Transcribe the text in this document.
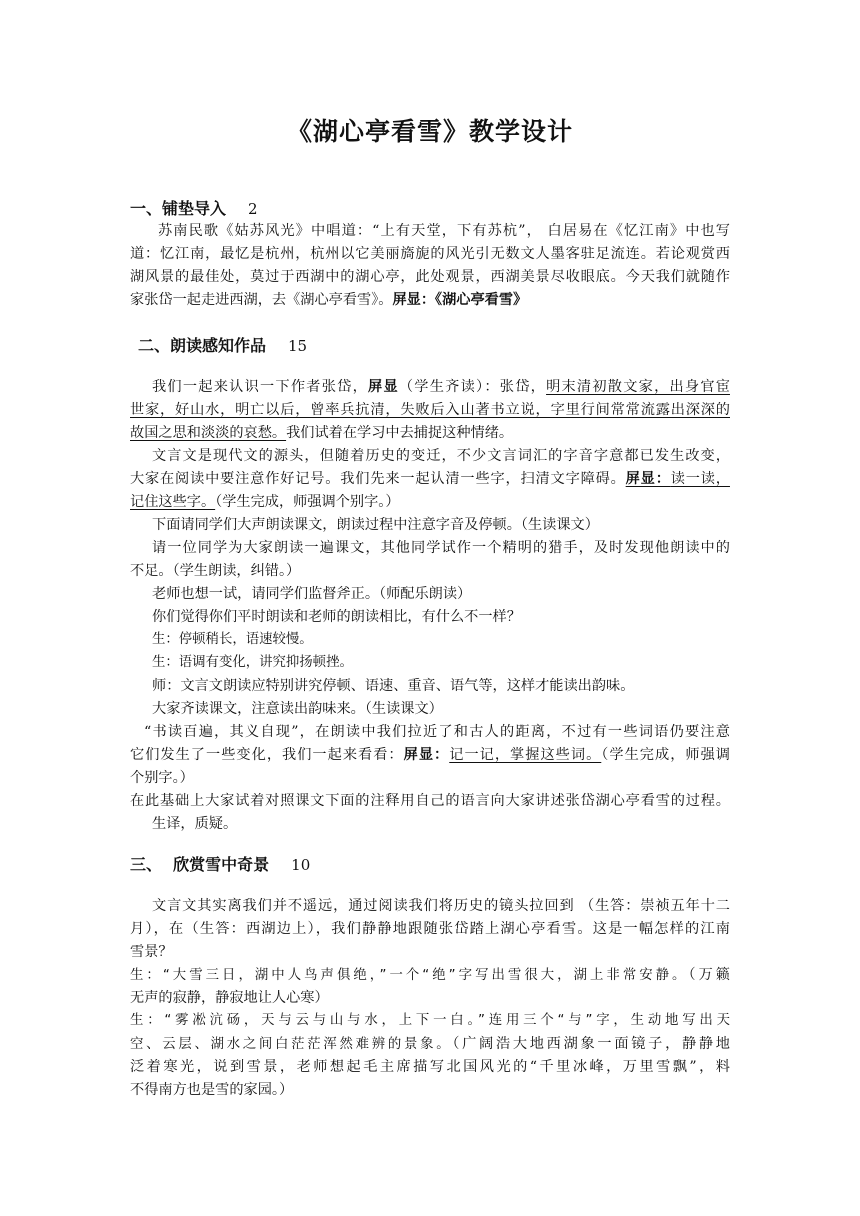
《湖心亭看雪》教学设计
一、铺垫导入 2
苏南民歌《姑苏风光》中唱道：“上有天堂，下有苏杭”， 白居易在《忆江南》中也写
道：忆江南，最忆是杭州，杭州以它美丽旖旎的风光引无数文人墨客驻足流连。若论观赏西
湖风景的最佳处，莫过于西湖中的湖心亭，此处观景，西湖美景尽收眼底。今天我们就随作
家张岱一起走进西湖，去《湖心亭看雪》。屏显：《湖心亭看雪》
二、朗读感知作品 15
我们一起来认识一下作者张岱，屏显（学生齐读）：张岱，明末清初散文家，出身官宦
世家，好山水，明亡以后，曾率兵抗清，失败后入山著书立说，字里行间常常流露出深深的
故国之思和淡淡的哀愁。我们试着在学习中去捕捉这种情绪。
文言文是现代文的源头，但随着历史的变迁，不少文言词汇的字音字意都已发生改变，
大家在阅读中要注意作好记号。我们先来一起认清一些字，扫清文字障碍。屏显：读一读，
记住这些字。（学生完成，师强调个别字。）
下面请同学们大声朗读课文，朗读过程中注意字音及停顿。（生读课文）
请一位同学为大家朗读一遍课文，其他同学试作一个精明的猎手，及时发现他朗读中的
不足。（学生朗读，纠错。）
老师也想一试，请同学们监督斧正。（师配乐朗读）
你们觉得你们平时朗读和老师的朗读相比，有什么不一样？
生：停顿稍长，语速较慢。
生：语调有变化，讲究抑扬顿挫。
师：文言文朗读应特别讲究停顿、语速、重音、语气等，这样才能读出韵味。
大家齐读课文，注意读出韵味来。（生读课文）
“书读百遍，其义自现”，在朗读中我们拉近了和古人的距离，不过有一些词语仍要注意
它们发生了一些变化，我们一起来看看：屏显：记一记，掌握这些词。（学生完成，师强调
个别字。）
在此基础上大家试着对照课文下面的注释用自己的语言向大家讲述张岱湖心亭看雪的过程。
生译，质疑。
三、  欣赏雪中奇景 10
文言文其实离我们并不遥远，通过阅读我们将历史的镜头拉回到 （生答：崇祯五年十二
月），在（生答：西湖边上），我们静静地跟随张岱踏上湖心亭看雪。这是一幅怎样的江南
雪景？
生：“大雪三日，湖中人鸟声俱绝，”一个“绝”字写出雪很大，湖上非常安静。（万籁
无声的寂静，静寂地让人心寒）
生：“雾凇沆砀，天与云与山与水，上下一白。”连用三个“与”字，生动地写出天
空、云层、湖水之间白茫茫浑然难辨的景象。（广阔浩大地西湖象一面镜子，静静地
泛着寒光，说到雪景，老师想起毛主席描写北国风光的“千里冰峰，万里雪飘”，料
不得南方也是雪的家园。）
